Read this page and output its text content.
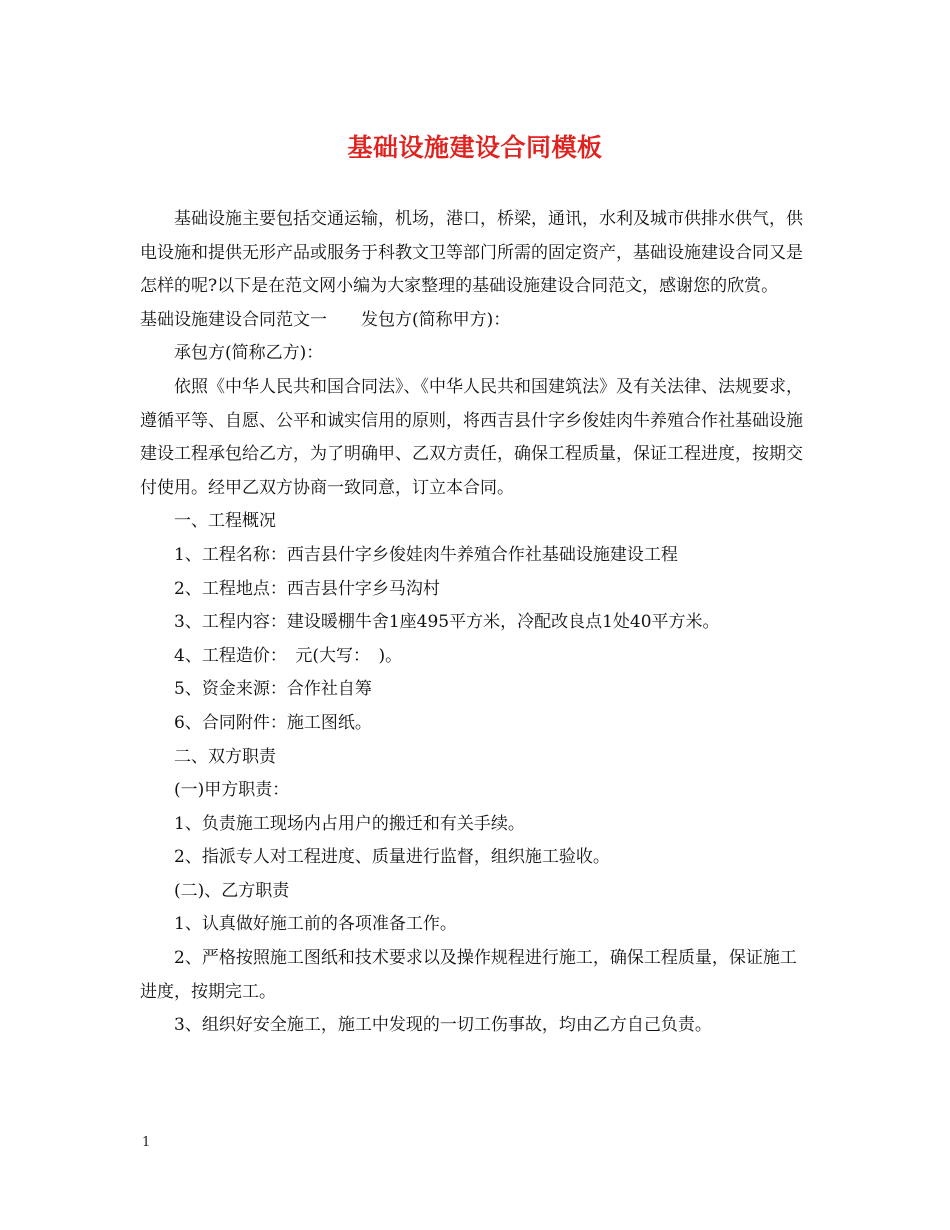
基础设施建设合同模板

基础设施主要包括交通运输，机场，港口，桥梁，通讯，水利及城市供排水供气，供电设施和提供无形产品或服务于科教文卫等部门所需的固定资产，基础设施建设合同又是怎样的呢?以下是在范文网小编为大家整理的基础设施建设合同范文，感谢您的欣赏。

基础设施建设合同范文一　　发包方(简称甲方)：

承包方(简称乙方)：

依照《中华人民共和国合同法》、《中华人民共和国建筑法》及有关法律、法规要求，遵循平等、自愿、公平和诚实信用的原则，将西吉县什字乡俊娃肉牛养殖合作社基础设施建设工程承包给乙方，为了明确甲、乙双方责任，确保工程质量，保证工程进度，按期交付使用。经甲乙双方协商一致同意，订立本合同。

一、工程概况

1、工程名称：西吉县什字乡俊娃肉牛养殖合作社基础设施建设工程

2、工程地点：西吉县什字乡马沟村

3、工程内容：建设暖棚牛舍1座495平方米，冷配改良点1处40平方米。

4、工程造价：　元(大写：　)。

5、资金来源：合作社自筹

6、合同附件：施工图纸。

二、双方职责

(一)甲方职责：

1、负责施工现场内占用户的搬迁和有关手续。

2、指派专人对工程进度、质量进行监督，组织施工验收。

(二)、乙方职责

1、认真做好施工前的各项准备工作。

2、严格按照施工图纸和技术要求以及操作规程进行施工，确保工程质量，保证施工进度，按期完工。

3、组织好安全施工，施工中发现的一切工伤事故，均由乙方自己负责。

1
